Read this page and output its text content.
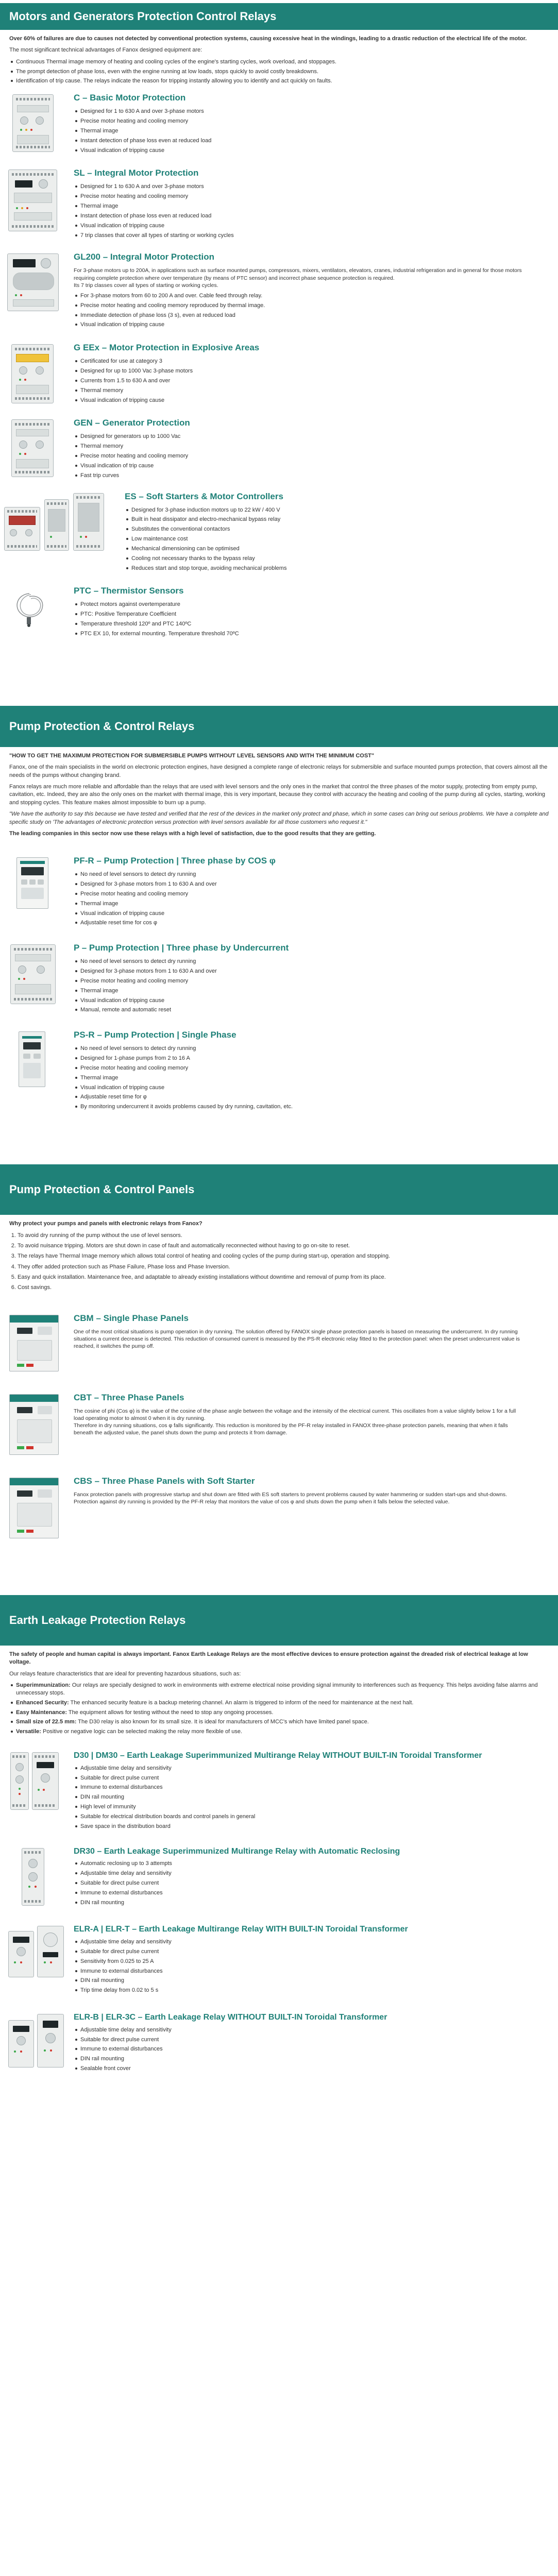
Motors and Generators Protection Control Relays

Over 60% of failures are due to causes not detected by conventional protection systems, causing excessive heat in the windings, leading to a drastic reduction of the electrical life of the motor.

The most significant technical advantages of Fanox designed equipment are:

Continuous Thermal image memory of heating and cooling cycles of the engine's starting cycles, work overload, and stoppages.
The prompt detection of phase loss, even with the engine running at low loads, stops quickly to avoid costly breakdowns.
Identification of trip cause. The relays indicate the reason for tripping instantly allowing you to identify and act quickly on faults.
C – Basic Motor Protection
Designed for 1 to 630 A and over 3-phase motors
Precise motor heating and cooling memory
Thermal image
Instant detection of phase loss even at reduced load
Visual indication of tripping cause
SL – Integral Motor Protection
Designed for 1 to 630 A and over 3-phase motors
Precise motor heating and cooling memory
Thermal image
Instant detection of phase loss even at reduced load
Visual indication of tripping cause
7 trip classes that cover all types of starting or working cycles
GL200 – Integral Motor Protection

For 3-phase motors up to 200A, in applications such as surface mounted pumps, compressors, mixers, ventilators, elevators, cranes, industrial refrigeration and in general for those motors requiring complete protection where over temperature (by means of PTC sensor) and incorrect phase sequence protection is required.
Its 7 trip classes cover all types of starting or working cycles.

For 3-phase motors from 60 to 200 A and over. Cable feed through relay.
Precise motor heating and cooling memory reproduced by thermal image.
Immediate detection of phase loss (3 s), even at reduced load
Visual indication of tripping cause
G EEx – Motor Protection in Explosive Areas
Certificated for use at category 3
Designed for up to 1000 Vac 3-phase motors
Currents from 1.5 to 630 A and over
Thermal memory
Visual indication of tripping cause
GEN – Generator Protection
Designed for generators up to 1000 Vac
Thermal memory
Precise motor heating and cooling memory
Visual indication of trip cause
Fast trip curves
ES – Soft Starters & Motor Controllers
Designed for 3-phase induction motors up to 22 kW / 400 V
Built in heat dissipator and electro-mechanical bypass relay
Substitutes the conventional contactors
Low maintenance cost
Mechanical dimensioning can be optimised
Cooling not necessary thanks to the bypass relay
Reduces start and stop torque, avoiding mechanical problems
PTC – Thermistor Sensors
Protect motors against overtemperature
PTC: Positive Temperature Coefficient
Temperature threshold 120º and PTC 140ºC
PTC EX 10, for external mounting. Temperature threshold 70ºC
Pump Protection & Control Relays

"HOW TO GET THE MAXIMUM PROTECTION FOR SUBMERSIBLE PUMPS WITHOUT LEVEL SENSORS AND WITH THE MINIMUM COST"

Fanox, one of the main specialists in the world on electronic protection engines, have designed a complete range of electronic relays for submersible and surface mounted pumps protection, that covers almost all the needs of the pumps without changing brand.

Fanox relays are much more reliable and affordable than the relays that are used with level sensors and the only ones in the market that control the three phases of the motor supply, protecting from empty pump, cavitation, etc. Indeed, they are also the only ones on the market with thermal image, this is very important, because they control with accuracy the heating and cooling of the pump during all cycles, starting, working and stopping cycles. This feature makes almost impossible to burn up a pump.

"We have the authority to say this because we have tested and verified that the rest of the devices in the market only protect and phase, which in some cases can bring out serious problems. We have a complete and specific study on 'The advantages of electronic protection versus protection with level sensors available for all those customers who request it."

The leading companies in this sector now use these relays with a high level of satisfaction, due to the good results that they are getting.

PF-R – Pump Protection | Three phase by COS φ
No need of level sensors to detect dry running
Designed for 3-phase motors from 1 to 630 A and over
Precise motor heating and cooling memory
Thermal image
Visual indication of tripping cause
Adjustable reset time for cos φ
P – Pump Protection | Three phase by Undercurrent
No need of level sensors to detect dry running
Designed for 3-phase motors from 1 to 630 A and over
Precise motor heating and cooling memory
Thermal image
Visual indication of tripping cause
Manual, remote and automatic reset
PS-R – Pump Protection | Single Phase
No need of level sensors to detect dry running
Designed for 1-phase pumps from 2 to 16 A
Precise motor heating and cooling memory
Thermal image
Visual indication of tripping cause
Adjustable reset time for φ
By monitoring undercurrent it avoids problems caused by dry running, cavitation, etc.
Pump Protection & Control Panels

Why protect your pumps and panels with electronic relays from Fanox?

1. To avoid dry running of the pump without the use of level sensors.
2. To avoid nuisance tripping. Motors are shut down in case of fault and automatically reconnected without having to go on-site to reset.
3. The relays have Thermal Image memory which allows total control of heating and cooling cycles of the pump during start-up, operation and stopping.
4. They offer added protection such as Phase Failure, Phase loss and Phase Inversion.
5. Easy and quick installation. Maintenance free, and adaptable to already existing installations without downtime and removal of pump from its place.
6. Cost savings.
CBM – Single Phase Panels

One of the most critical situations is pump operation in dry running. The solution offered by FANOX single phase protection panels is based on measuring the undercurrent. In dry running situations a current decrease is detected. This reduction of consumed current is measured by the PS-R electronic relay fitted to the protection panel: when the preset undercurrent value is reached, it switches the pump off.

CBT – Three Phase Panels

The cosine of phi (Cos φ) is the value of the cosine of the phase angle between the voltage and the intensity of the electrical current. This oscillates from a value slightly below 1 for a full load operating motor to almost 0 when it is dry running.
Therefore in dry running situations, cos φ falls significantly. This reduction is monitored by the PF-R relay installed in FANOX three-phase protection panels, meaning that when it falls beneath the adjusted value, the panel shuts down the pump and protects it from damage.

CBS – Three Phase Panels with Soft Starter

Fanox protection panels with progressive startup and shut down are fitted with ES soft starters to prevent problems caused by water hammering or sudden start-ups and shut-downs.
Protection against dry running is provided by the PF-R relay that monitors the value of cos φ and shuts down the pump when it falls below the selected value.

Earth Leakage Protection Relays

The safety of people and human capital is always important. Fanox Earth Leakage Relays are the most effective devices to ensure protection against the dreaded risk of electrical leakage at low voltage.

Our relays feature characteristics that are ideal for preventing hazardous situations, such as:

Superimmunization: Our relays are specially designed to work in environments with extreme electrical noise providing signal immunity to interferences such as frequency. This helps avoiding false alarms and unnecessary stops.
Enhanced Security: The enhanced security feature is a backup metering channel. An alarm is triggered to inform of the need for maintenance at the next halt.
Easy Maintenance: The equipment allows for testing without the need to stop any ongoing processes.
Small size of 22.5 mm: The D30 relay is also known for its small size. It is ideal for manufacturers of MCC's which have limited panel space.
Versatile: Positive or negative logic can be selected making the relay more flexible of use.
D30 | DM30 – Earth Leakage Superimmunized Multirange Relay WITHOUT BUILT-IN Toroidal Transformer
Adjustable time delay and sensitivity
Suitable for direct pulse current
Immune to external disturbances
DIN rail mounting
High level of immunity
Suitable for electrical distribution boards and control panels in general
Save space in the distribution board
DR30 – Earth Leakage Superimmunized Multirange Relay with Automatic Reclosing
Automatic reclosing up to 3 attempts
Adjustable time delay and sensitivity
Suitable for direct pulse current
Immune to external disturbances
DIN rail mounting
ELR-A | ELR-T – Earth Leakage Multirange Relay WITH BUILT-IN Toroidal Transformer
Adjustable time delay and sensitivity
Suitable for direct pulse current
Sensitivity from 0.025 to 25 A
Immune to external disturbances
DIN rail mounting
Trip time delay from 0.02 to 5 s
ELR-B | ELR-3C – Earth Leakage Relay WITHOUT BUILT-IN Toroidal Transformer
Adjustable time delay and sensitivity
Suitable for direct pulse current
Immune to external disturbances
DIN rail mounting
Sealable front cover
